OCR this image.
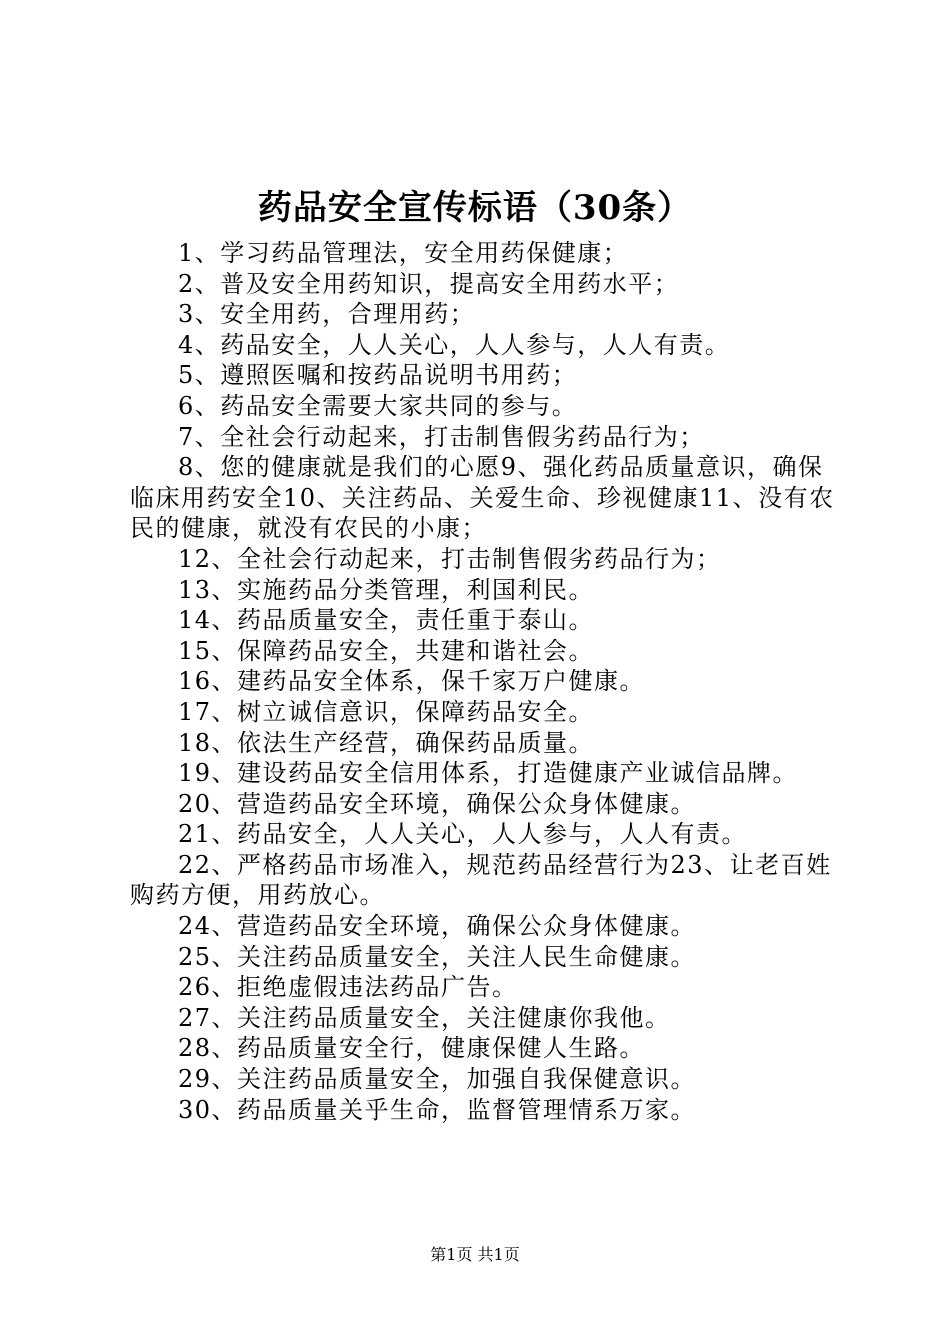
药品安全宣传标语（30条）

1、学习药品管理法，安全用药保健康；

2、普及安全用药知识，提高安全用药水平；

3、安全用药，合理用药；

4、药品安全，人人关心，人人参与，人人有责。

5、遵照医嘱和按药品说明书用药；

6、药品安全需要大家共同的参与。

7、全社会行动起来，打击制售假劣药品行为；

8、您的健康就是我们的心愿9、强化药品质量意识，确保临床用药安全10、关注药品、关爱生命、珍视健康11、没有农民的健康，就没有农民的小康；

12、全社会行动起来，打击制售假劣药品行为；

13、实施药品分类管理，利国利民。

14、药品质量安全，责任重于泰山。

15、保障药品安全，共建和谐社会。

16、建药品安全体系，保千家万户健康。

17、树立诚信意识，保障药品安全。

18、依法生产经营，确保药品质量。

19、建设药品安全信用体系，打造健康产业诚信品牌。

20、营造药品安全环境，确保公众身体健康。

21、药品安全，人人关心，人人参与，人人有责。

22、严格药品市场准入，规范药品经营行为23、让老百姓购药方便，用药放心。

24、营造药品安全环境，确保公众身体健康。

25、关注药品质量安全，关注人民生命健康。

26、拒绝虚假违法药品广告。

27、关注药品质量安全，关注健康你我他。

28、药品质量安全行，健康保健人生路。

29、关注药品质量安全，加强自我保健意识。

30、药品质量关乎生命，监督管理情系万家。

第1页 共1页
